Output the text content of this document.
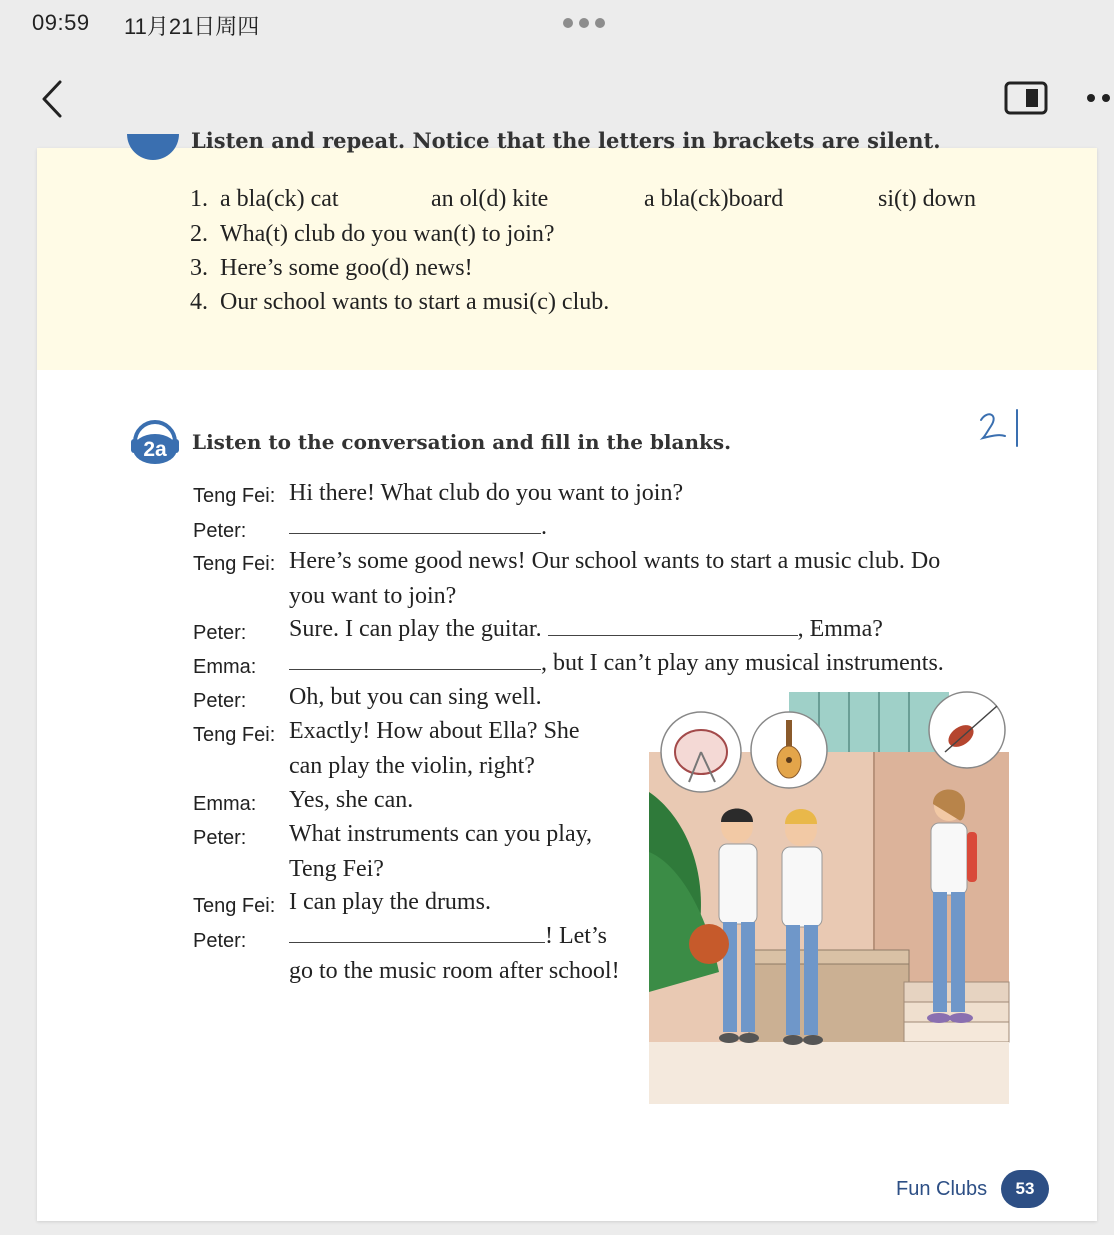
09:59 11月21日周四
Listen and repeat. Notice that the letters in brackets are silent.
1. a bla(ck) cat	an ol(d) kite	a bla(ck)board	si(t) down
2. Wha(t) club do you wan(t) to join?
3. Here’s some goo(d) news!
4. Our school wants to start a musi(c) club.
2a Listen to the conversation and fill in the blanks.
21
Teng Fei: Hi there! What club do you want to join?
Peter:	.
Teng Fei: Here’s some good news! Our school wants to start a music club. Do
you want to join?
Peter: Sure. I can play the guitar.	, Emma?
Emma:	, but I can’t play any musical instruments.
Peter: Oh, but you can sing well.
Teng Fei: Exactly! How about Ella? She
can play the violin, right?
Emma: Yes, she can.
Peter: What instruments can you play,
Teng Fei?
Teng Fei: I can play the drums.
Peter:	! Let’s
go to the music room after school!
Fun Clubs	53
